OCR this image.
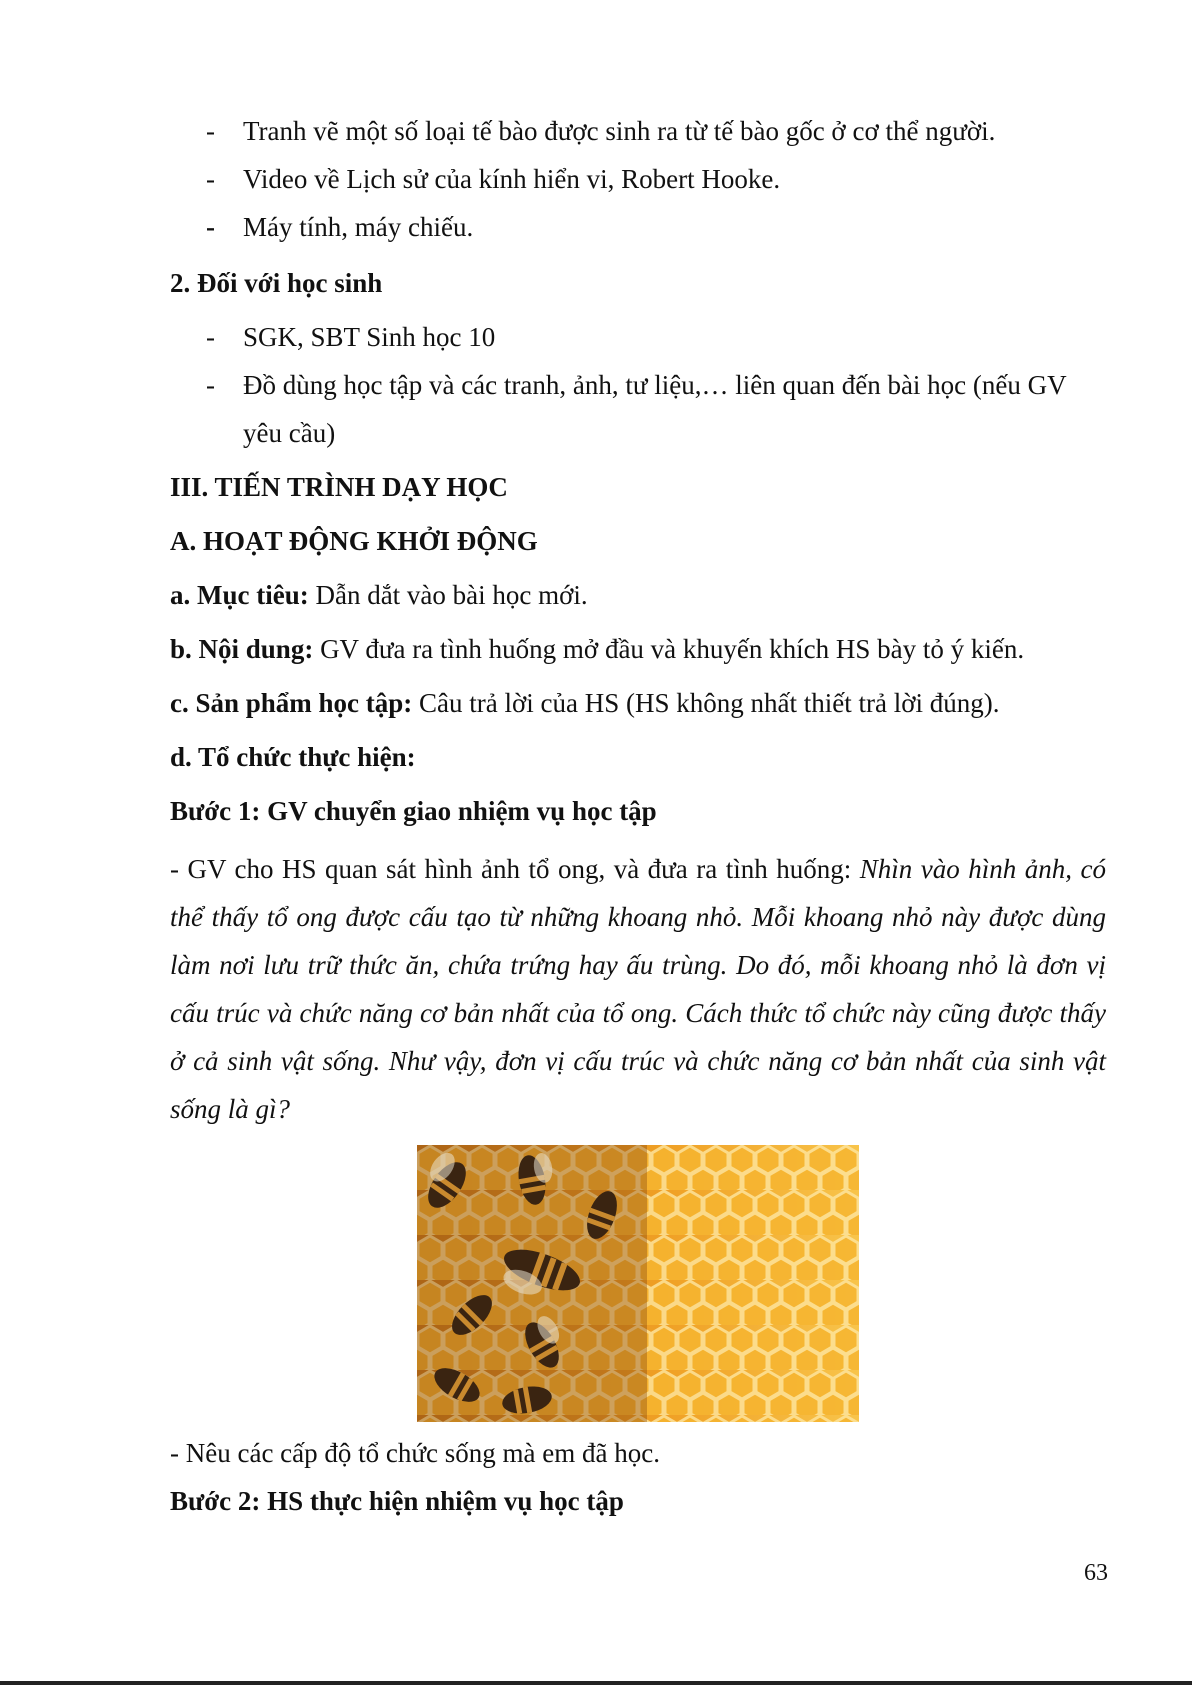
- Tranh vẽ một số loại tế bào được sinh ra từ tế bào gốc ở cơ thể người.
- Video về Lịch sử của kính hiển vi, Robert Hooke.
- Máy tính, máy chiếu.
2. Đối với học sinh
- SGK, SBT Sinh học 10
- Đồ dùng học tập và các tranh, ảnh, tư liệu,… liên quan đến bài học (nếu GV
yêu cầu)
III. TIẾN TRÌNH DẠY HỌC
A. HOẠT ĐỘNG KHỞI ĐỘNG
a. Mục tiêu: Dẫn dắt vào bài học mới.
b. Nội dung: GV đưa ra tình huống mở đầu và khuyến khích HS bày tỏ ý kiến.
c. Sản phẩm học tập: Câu trả lời của HS (HS không nhất thiết trả lời đúng).
d. Tổ chức thực hiện:
Bước 1: GV chuyển giao nhiệm vụ học tập
- GV cho HS quan sát hình ảnh tổ ong, và đưa ra tình huống: Nhìn vào hình ảnh, có thể thấy tổ ong được cấu tạo từ những khoang nhỏ. Mỗi khoang nhỏ này được dùng làm nơi lưu trữ thức ăn, chứa trứng hay ấu trùng. Do đó, mỗi khoang nhỏ là đơn vị cấu trúc và chức năng cơ bản nhất của tổ ong. Cách thức tổ chức này cũng được thấy ở cả sinh vật sống. Như vậy, đơn vị cấu trúc và chức năng cơ bản nhất của sinh vật sống là gì?
- Nêu các cấp độ tổ chức sống mà em đã học.
Bước 2: HS thực hiện nhiệm vụ học tập
63
